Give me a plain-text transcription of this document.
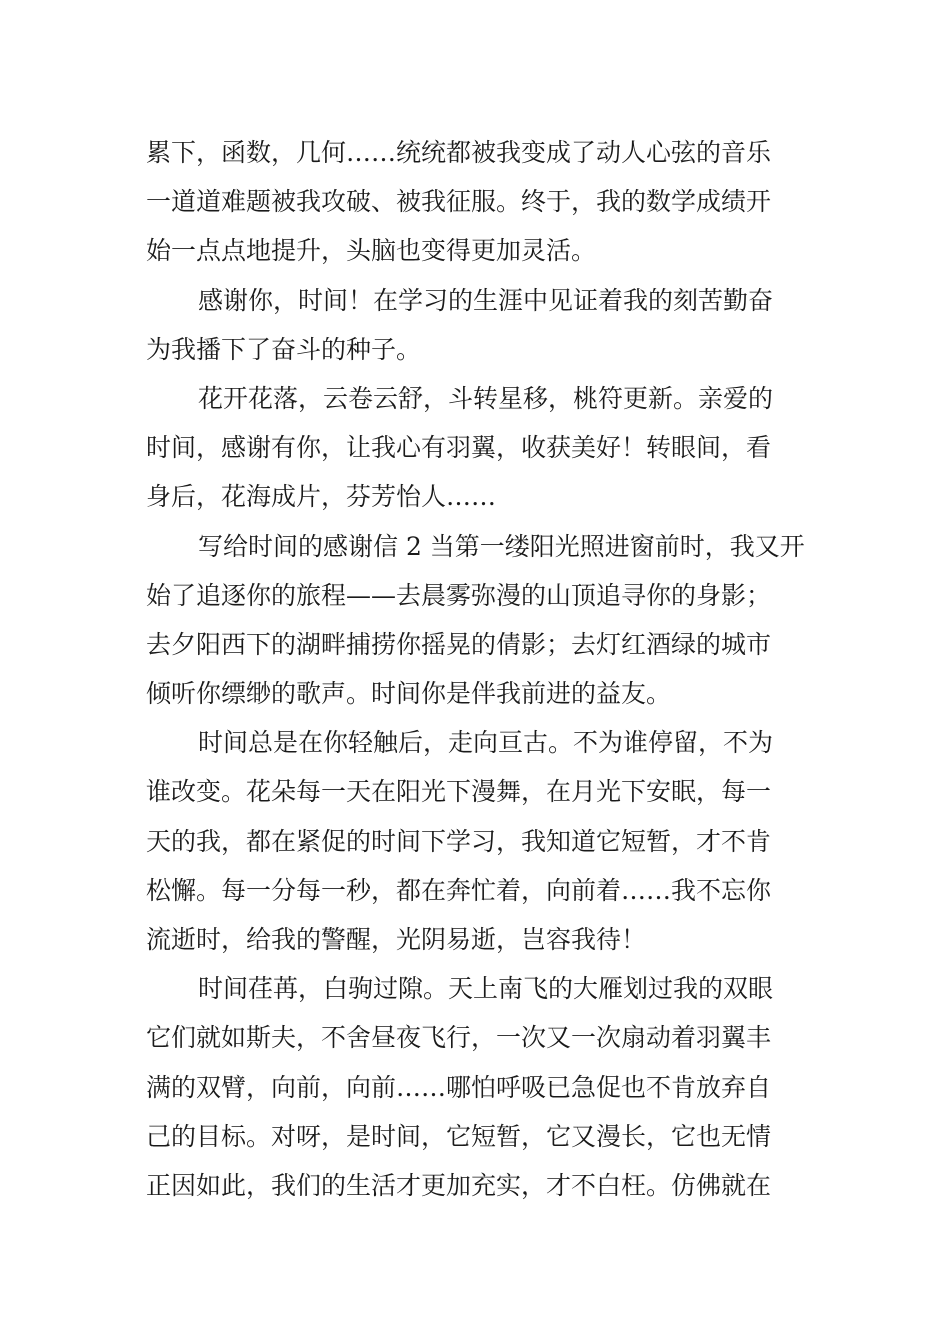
累下，函数，几何……统统都被我变成了动人心弦的音乐
一道道难题被我攻破、被我征服。终于，我的数学成绩开
始一点点地提升，头脑也变得更加灵活。
感谢你，时间！在学习的生涯中见证着我的刻苦勤奋
为我播下了奋斗的种子。
花开花落，云卷云舒，斗转星移，桃符更新。亲爱的
时间，感谢有你，让我心有羽翼，收获美好！转眼间，看
身后，花海成片，芬芳怡人……
写给时间的感谢信 2 当第一缕阳光照进窗前时，我又开
始了追逐你的旅程——去晨雾弥漫的山顶追寻你的身影；
去夕阳西下的湖畔捕捞你摇晃的倩影；去灯红酒绿的城市
倾听你缥缈的歌声。时间你是伴我前进的益友。
时间总是在你轻触后，走向亘古。不为谁停留，不为
谁改变。花朵每一天在阳光下漫舞，在月光下安眠，每一
天的我，都在紧促的时间下学习，我知道它短暂，才不肯
松懈。每一分每一秒，都在奔忙着，向前着……我不忘你
流逝时，给我的警醒，光阴易逝，岂容我待！
时间荏苒，白驹过隙。天上南飞的大雁划过我的双眼
它们就如斯夫，不舍昼夜飞行，一次又一次扇动着羽翼丰
满的双臂，向前，向前……哪怕呼吸已急促也不肯放弃自
己的目标。对呀，是时间，它短暂，它又漫长，它也无情
正因如此，我们的生活才更加充实，才不白枉。仿佛就在
